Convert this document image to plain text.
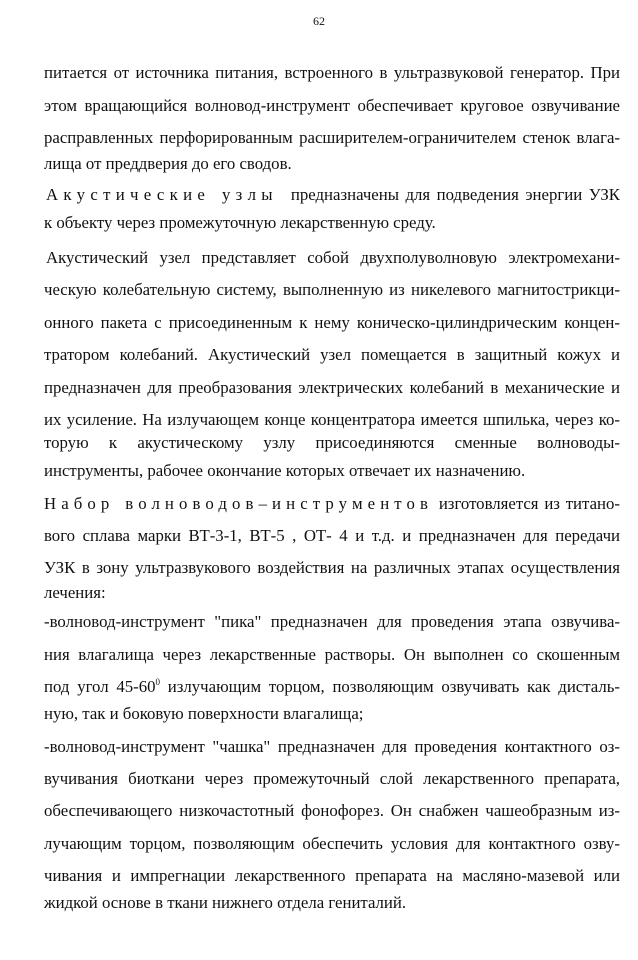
62
питается от источника питания, встроенного в ультразвуковой генератор. При
этом вращающийся волновод-инструмент обеспечивает круговое озвучивание
расправленных перфорированным расширителем-ограничителем стенок влага-
лища от преддверия до его сводов.
Акустические узлы предназначены для подведения энергии УЗК
к объекту через промежуточную лекарственную среду.
Акустический узел представляет собой двухполуволновую электромехани-
ческую колебательную систему, выполненную из никелевого магнитострикци-
онного пакета с присоединенным к нему коническо-цилиндрическим концен-
тратором колебаний. Акустический узел помещается в защитный кожух и
предназначен для преобразования электрических колебаний в механические и
их усиление. На излучающем конце концентратора имеется шпилька, через ко-
торую к акустическому узлу присоединяются сменные волноводы-
инструменты, рабочее окончание которых отвечает их назначению.
Набор волноводов–инструментов изготовляется из титано-
вого сплава марки ВТ-3-1, ВТ-5 , ОТ- 4 и т.д. и предназначен для передачи
УЗК в зону ультразвукового воздействия на различных этапах осуществления
лечения:
-волновод-инструмент "пика" предназначен для проведения этапа озвучива-
ния влагалища через лекарственные растворы. Он выполнен со скошенным
под угол $45-60^0$ излучающим торцом, позволяющим озвучивать как дисталь-
ную, так и боковую поверхности влагалища;
-волновод-инструмент "чашка" предназначен для проведения контактного оз-
вучивания биоткани через промежуточный слой лекарственного препарата,
обеспечивающего низкочастотный фонофорез. Он снабжен чашеобразным из-
лучающим торцом, позволяющим обеспечить условия для контактного озву-
чивания и импрегнации лекарственного препарата на масляно-мазевой или
жидкой основе в ткани нижнего отдела гениталий.
